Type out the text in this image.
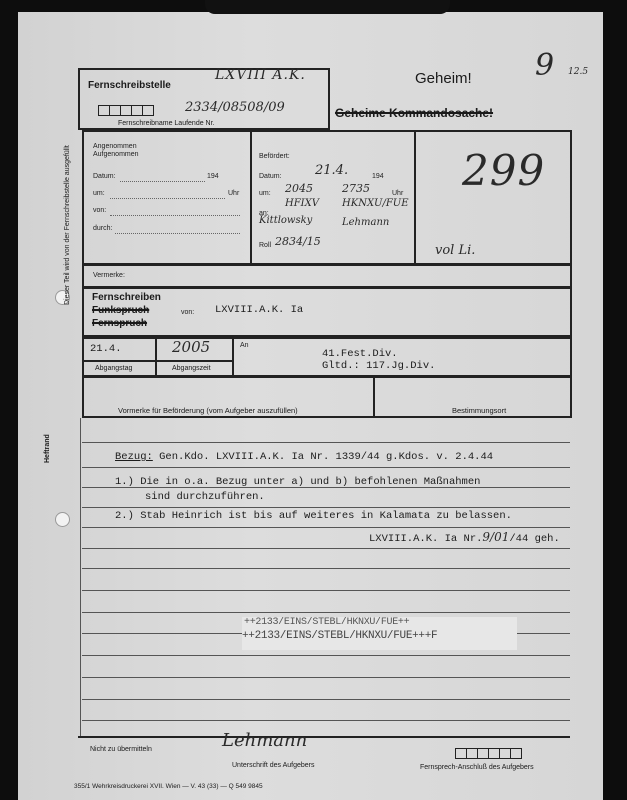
Dieser Teil wird von der Fernschreibstelle ausgefüllt
Heftrand
Fernschreibstelle
LXVIII A.K.	Geheim! 9 12.5
2334/08508/09
Fernschreibname Laufende Nr.
Geheime Kommandosache!
Angenommen
Aufgenommen
Datum:	194
um:	Uhr
von:
durch:
Befördert:
Datum:	21.4.	194
um: 2045	2735	Uhr
an:
HFIXV HKNXU/FUE
Kittlowsky	Lehmann
Roll 2834/15
299
vol Li.
Vermerke:
Fernschreiben
Funkspruch
Fernspruch
von: LXVIII.A.K. Ia
21.4.	2005
Abgangstag	Abgangszeit
An
41.Fest.Div.
Gltd.: 117.Jg.Div.
Vormerke für Beförderung (vom Aufgeber auszufüllen)	Bestimmungsort
Bezug: Gen.Kdo. LXVIII.A.K. Ia Nr. 1339/44 g.Kdos. v. 2.4.44
1.) Die in o.a. Bezug unter a) und b) befohlenen Maßnahmen
sind durchzuführen.
2.) Stab Heinrich ist bis auf weiteres in Kalamata zu belassen.
LXVIII.A.K. Ia Nr.9/01/44 geh.
++2133/EINS/STEBL/HKNXU/FUE++
++2133/EINS/STEBL/HKNXU/FUE+++F
Lehmann
Nicht zu übermitteln
Unterschrift des Aufgebers	Fernsprech-Anschluß des Aufgebers
355/1 Wehrkreisdruckerei XVII. Wien — V. 43 (33) — Q 549 9845
